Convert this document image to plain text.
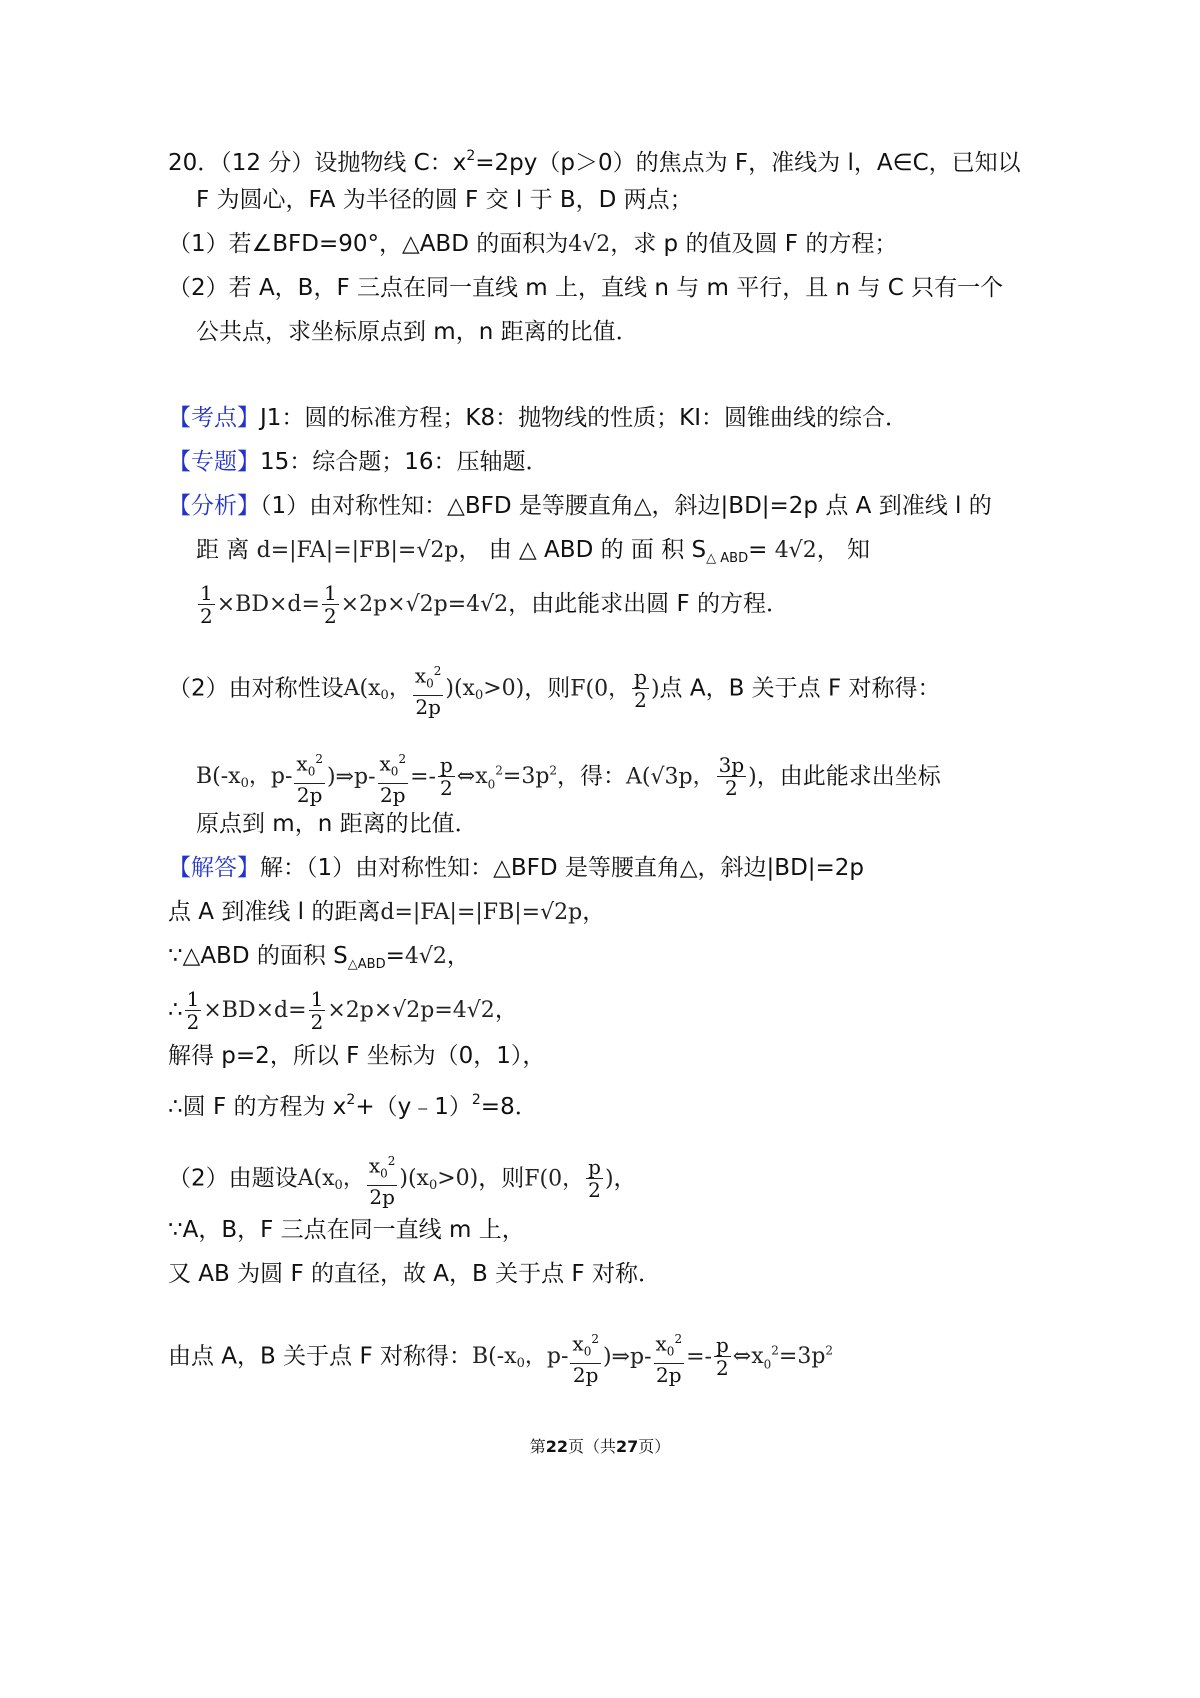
20．（12 分）设抛物线 C：$x^2=2py(p>0)$的焦点为 F，准线为 l，A∈C，已知以
F 为圆心，FA 为半径的圆 F 交 l 于 B，D 两点；
（1）若∠BFD=90°，△ABD 的面积为4√2，求 p 的值及圆 F 的方程；
（2）若 A，B，F 三点在同一直线 m 上，直线 n 与 m 平行，且 n 与 C 只有一个
公共点，求坐标原点到 m，n 距离的比值．
【考点】J1：圆的标准方程；K8：抛物线的性质；KI：圆锥曲线的综合．
【专题】15：综合题；16：压轴题．
【分析】（1）由对称性知：△BFD 是等腰直角△，斜边|BD|=2p 点 A 到准线 l 的
距 离 d=|FA|=|FB|=√2p， 由 △ ABD 的 面 积 $S_{\triangle ABD}= 4√2$， 知
$\frac{1}{2} \times BD\times d= \frac{1}{2} \times 2p\times√2p=4√2$，由此能求出圆 F 的方程．
（2）由对称性设A(x0， $\frac{x_0^2}{2p} )(x0>0)$，则F(0， $\frac{p}{2}$ )点 A，B 关于点 F 对称得：
B(-x0，$p- \frac{x_0^2}{2p}$ )⇒p- $\frac{x_0^2}{2p} =- \frac{p}{2}$ $\Leftrightarrow x_0^2=3p^2$，得：A(√3p， $\frac{3p}{2}$ )，由此能求出坐标
原点到 m，n 距离的比值．
【解答】解：（1）由对称性知：△BFD 是等腰直角△，斜边|BD|=2p
点 A 到准线 l 的距离d=|FA|=|FB|=√2p，
∵△ABD 的面积 $S_{\triangle ABD}=4√2$，
∴ $\frac{1}{2} \times BD\times d= \frac{1}{2} \times 2p\times√2p=4√2$，
解得 p=2，所以 F 坐标为（0，1），
∴圆 F 的方程为 $x^2+(y﹣1)^2=8$．
（2）由题设A(x0， $\frac{x_0^2}{2p} )(x0>0)$，则F(0， $\frac{p}{2}$ )，
∵A，B，F 三点在同一直线 m 上，
又 AB 为圆 F 的直径，故 A，B 关于点 F 对称．
由点 A，B 关于点 F 对称得：B(-x0，$p- \frac{x_0^2}{2p}$ )⇒p- $\frac{x_0^2}{2p} =- \frac{p}{2}$ $\Leftrightarrow x_0^2=3p^2$
第22页（共27页）
